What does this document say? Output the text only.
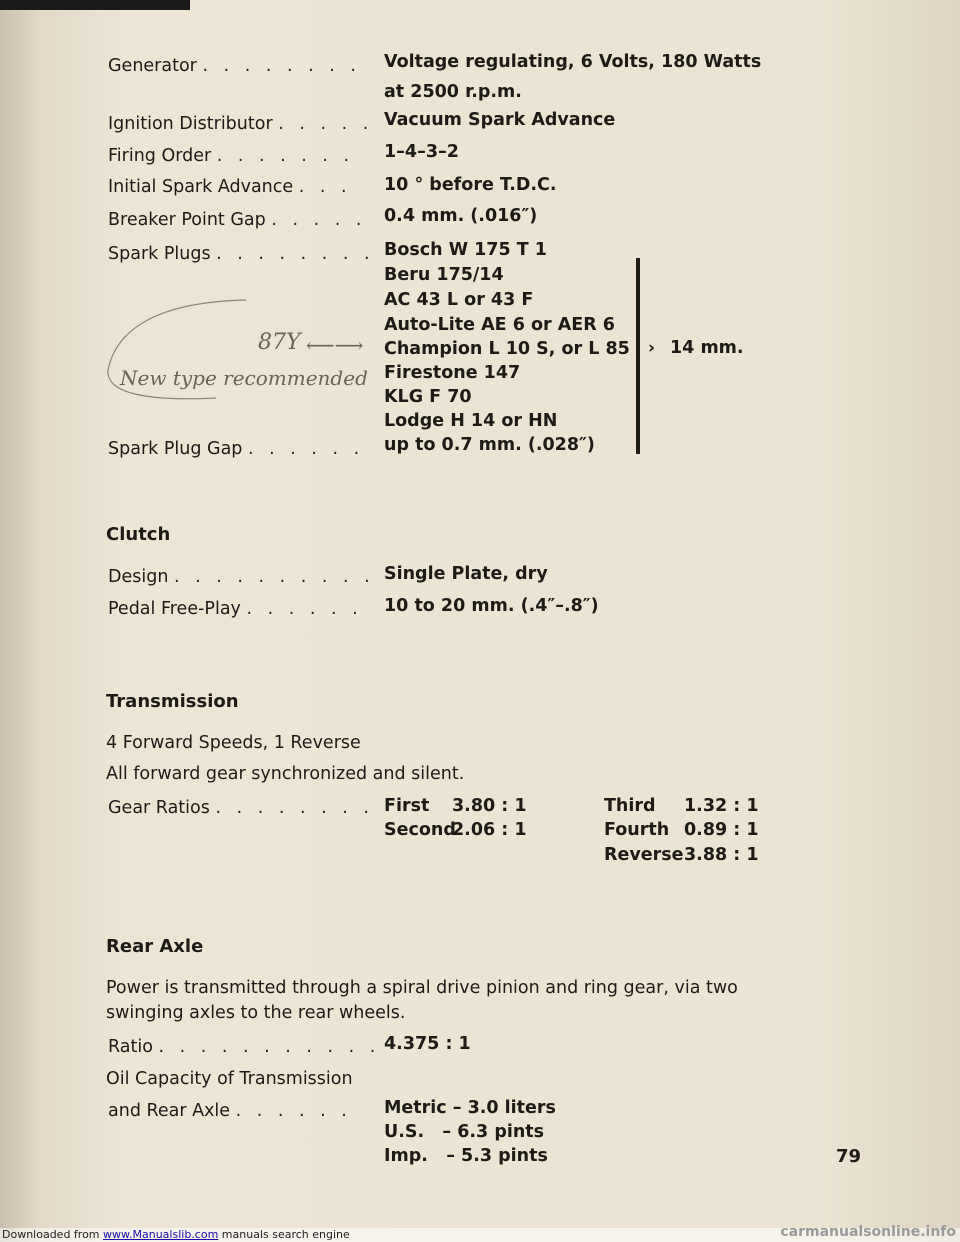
Generator . . . . . . . . Voltage regulating, 6 Volts, 180 Watts
at 2500 r.p.m.
Ignition Distributor . . . . . Vacuum Spark Advance
Firing Order . . . . . . . 1–4–3–2
Initial Spark Advance . . . 10 ° before T.D.C.
Breaker Point Gap . . . . . 0.4 mm. (.016″)
Spark Plugs . . . . . . . . Bosch W 175 T 1
Beru 175/14
AC 43 L or 43 F
Auto-Lite AE 6 or AER 6
Champion L 10 S, or L 85
Firestone 147
KLG F 70
Lodge H 14 or HN
› 14 mm.
87Y ⟵⟶
New type recommended
Spark Plug Gap . . . . . . up to 0.7 mm. (.028″)
Clutch
Design . . . . . . . . . . Single Plate, dry
Pedal Free-Play . . . . . . 10 to 20 mm. (.4″–.8″)
Transmission
4 Forward Speeds, 1 Reverse
All forward gear synchronized and silent.
Gear Ratios . . . . . . . . First 3.80 : 1
Second
2.06 : 1
Third 1.32 : 1
Fourth 0.89 : 1
Reverse 3.88 : 1
Rear Axle
Power is transmitted through a spiral drive pinion and ring gear, via two
swinging axles to the rear wheels.
Ratio . . . . . . . . . . . 4.375 : 1
Oil Capacity of Transmission
and Rear Axle . . . . . . Metric – 3.0 liters
U.S.   – 6.3 pints
Imp.   – 5.3 pints	79
Downloaded from www.Manualslib.com manuals search engine	carmanualsonline.info
